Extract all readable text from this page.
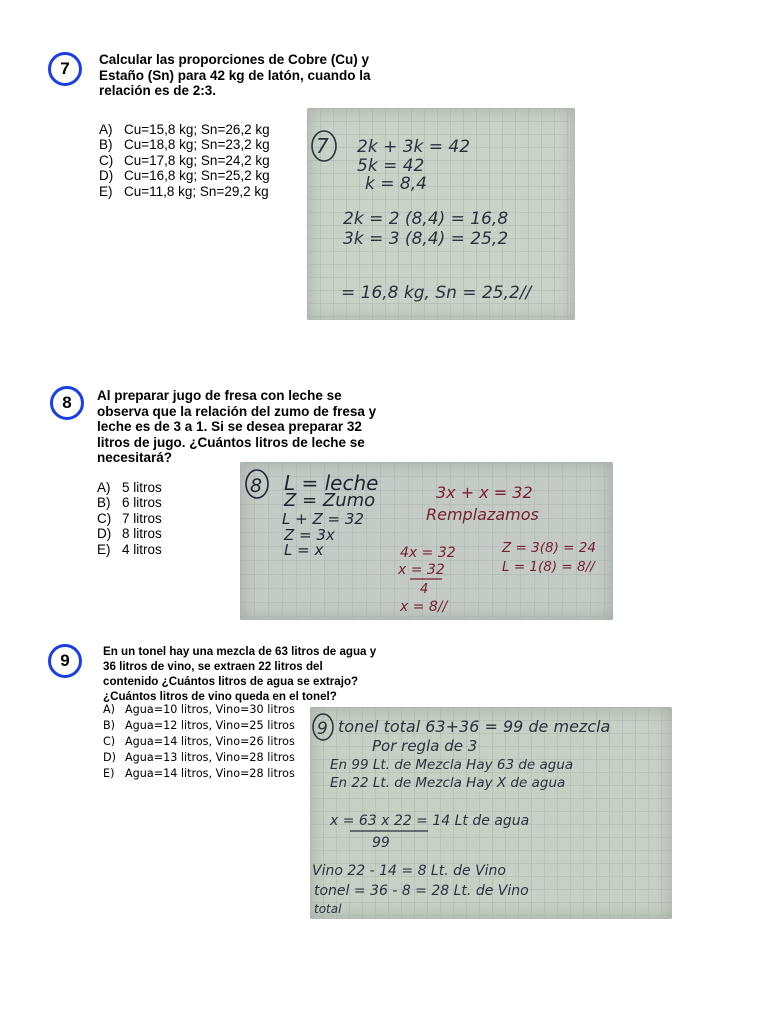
7 Calcular las proporciones de Cobre (Cu) y
Estaño (Sn) para 42 kg de latón, cuando la
relación es de 2:3.
A) Cu=15,8 kg; Sn=26,2 kg
B) Cu=18,8 kg; Sn=23,2 kg
C) Cu=17,8 kg; Sn=24,2 kg
D) Cu=16,8 kg; Sn=25,2 kg
E) Cu=11,8 kg; Sn=29,2 kg
7 2k + 3k = 42
5k = 42
k = 8,4
2k = 2 (8,4) = 16,8
3k = 3 (8,4) = 25,2
= 16,8 kg, Sn = 25,2//
8 Al preparar jugo de fresa con leche se
observa que la relación del zumo de fresa y
leche es de 3 a 1. Si se desea preparar 32
litros de jugo. ¿Cuántos litros de leche se
necesitará?
A) 5 litros
B) 6 litros
C) 7 litros
D) 8 litros
E) 4 litros
8 L = leche
Z = Zumo
L + Z = 32
Z = 3x
L = x
3x + x = 32
Remplazamos
4x = 32
x = 32
4
x = 8//
Z = 3(8) = 24
L = 1(8) = 8//
9	En un tonel hay una mezcla de 63 litros de agua y
36 litros de vino, se extraen 22 litros del
contenido ¿Cuántos litros de agua se extrajo?
¿Cuántos litros de vino queda en el tonel?
A) Agua=10 litros, Vino=30 litros
B) Agua=12 litros, Vino=25 litros
C) Agua=14 litros, Vino=26 litros
D) Agua=13 litros, Vino=28 litros
E) Agua=14 litros, Vino=28 litros
9 tonel total 63+36 = 99 de mezcla
Por regla de 3
En 99 Lt. de Mezcla Hay 63 de agua
En 22 Lt. de Mezcla Hay X de agua
x = 63 x 22 = 14 Lt de agua
99
Vino 22 - 14 = 8 Lt. de Vino
tonel = 36 - 8 = 28 Lt. de Vino
total
